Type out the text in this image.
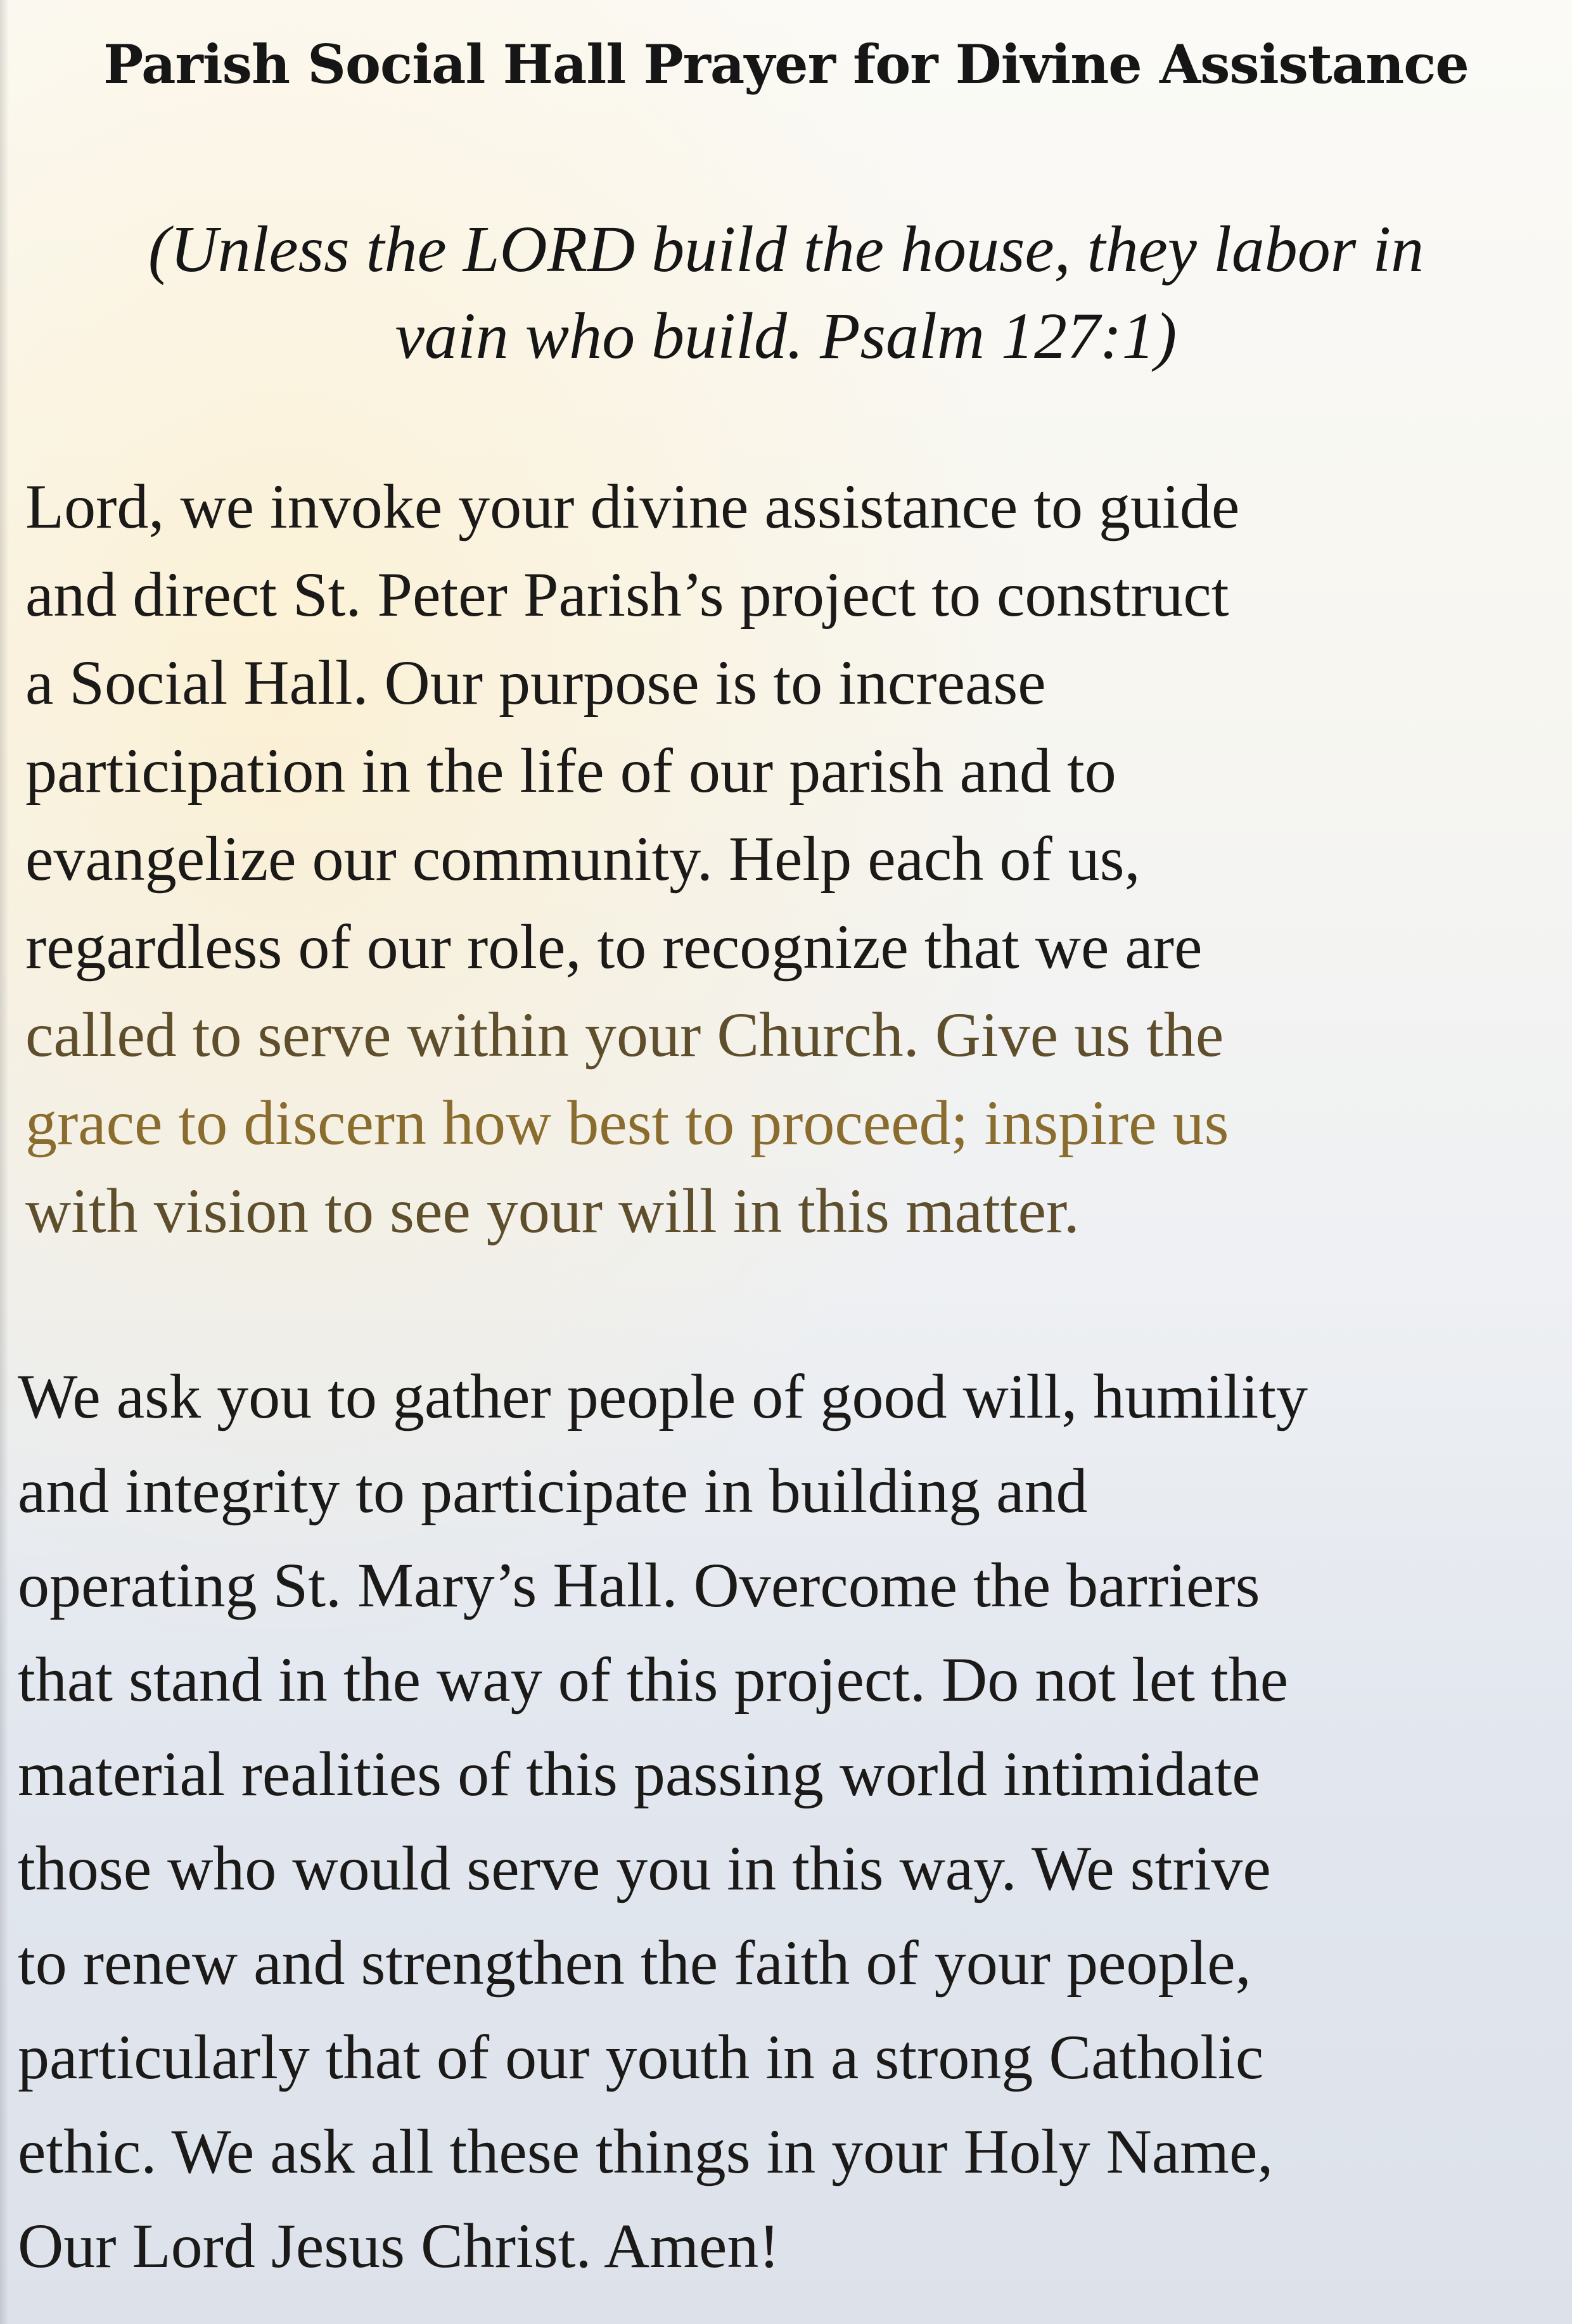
Parish Social Hall Prayer for Divine Assistance
(Unless the LORD build the house, they labor in
vain who build. Psalm 127:1)
Lord, we invoke your divine assistance to guide
and direct St. Peter Parish’s project to construct
a Social Hall. Our purpose is to increase
participation in the life of our parish and to
evangelize our community. Help each of us,
regardless of our role, to recognize that we are
called to serve within your Church. Give us the
grace to discern how best to proceed; inspire us
with vision to see your will in this matter.
We ask you to gather people of good will, humility
and integrity to participate in building and
operating St. Mary’s Hall. Overcome the barriers
that stand in the way of this project. Do not let the
material realities of this passing world intimidate
those who would serve you in this way. We strive
to renew and strengthen the faith of your people,
particularly that of our youth in a strong Catholic
ethic. We ask all these things in your Holy Name,
Our Lord Jesus Christ. Amen!
